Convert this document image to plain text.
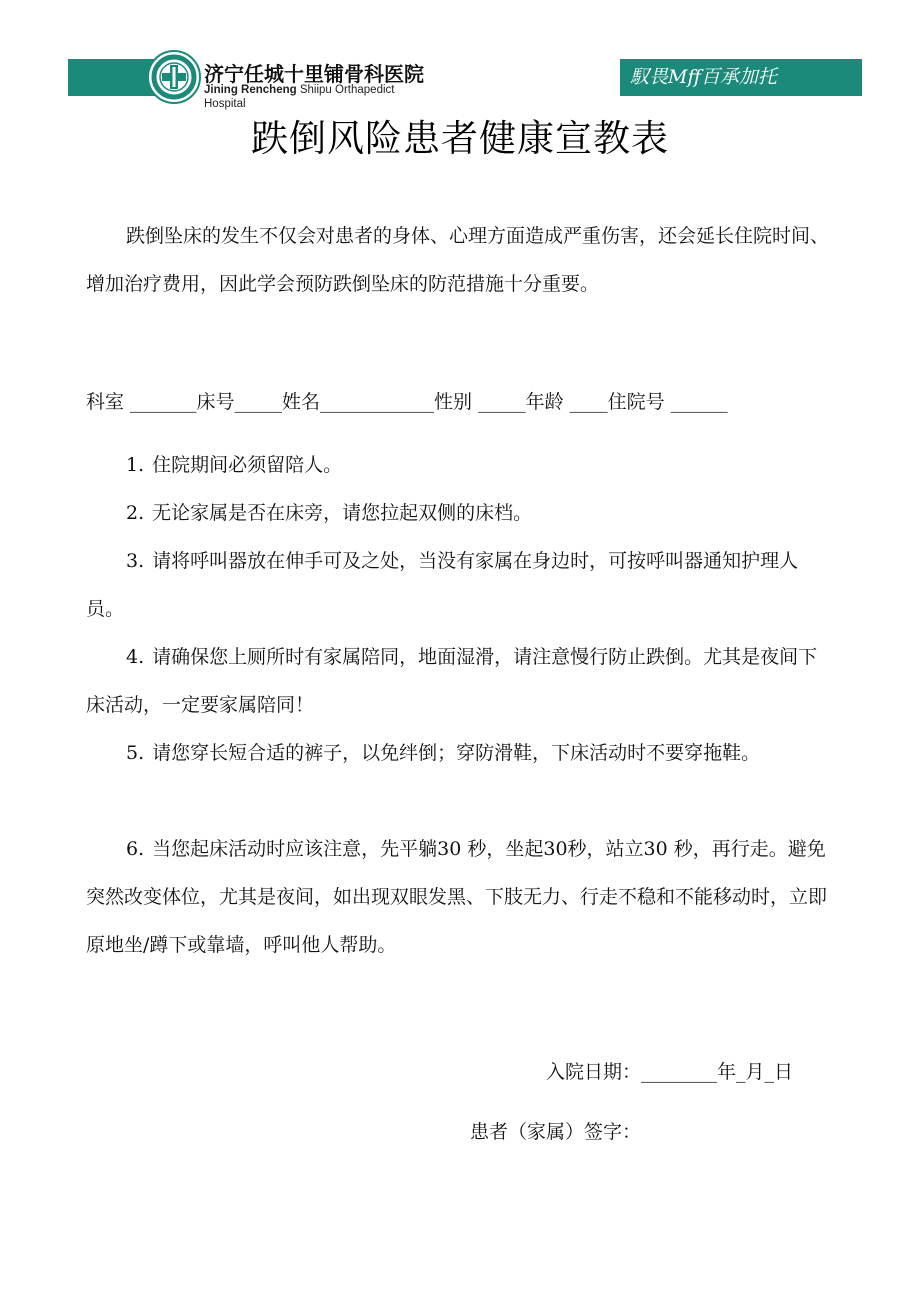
馭畏Mff百承加托
济宁任城十里铺骨科医院
Jining Rencheng Shiipu Orthapedict
Hospital
跌倒风险患者健康宣教表
跌倒坠床的发生不仅会对患者的身体、心理方面造成严重伤害，还会延长住院时间、增加治疗费用，因此学会预防跌倒坠床的防范措施十分重要。
科室 _______床号_____姓名____________性别 _____年龄 ____住院号 ______
1. 住院期间必须留陪人。
2. 无论家属是否在床旁，请您拉起双侧的床档。
3. 请将呼叫器放在伸手可及之处，当没有家属在身边时，可按呼叫器通知护理人员。
4. 请确保您上厕所时有家属陪同，地面湿滑，请注意慢行防止跌倒。尤其是夜间下床活动，一定要家属陪同！
5. 请您穿长短合适的裤子，以免绊倒；穿防滑鞋，下床活动时不要穿拖鞋。
6. 当您起床活动时应该注意，先平躺30 秒，坐起30秒，站立30 秒，再行走。避免突然改变体位，尤其是夜间，如出现双眼发黑、下肢无力、行走不稳和不能移动时，立即原地坐/蹲下或靠墙，呼叫他人帮助。
入院日期：________年_月_日
患者（家属）签字：
